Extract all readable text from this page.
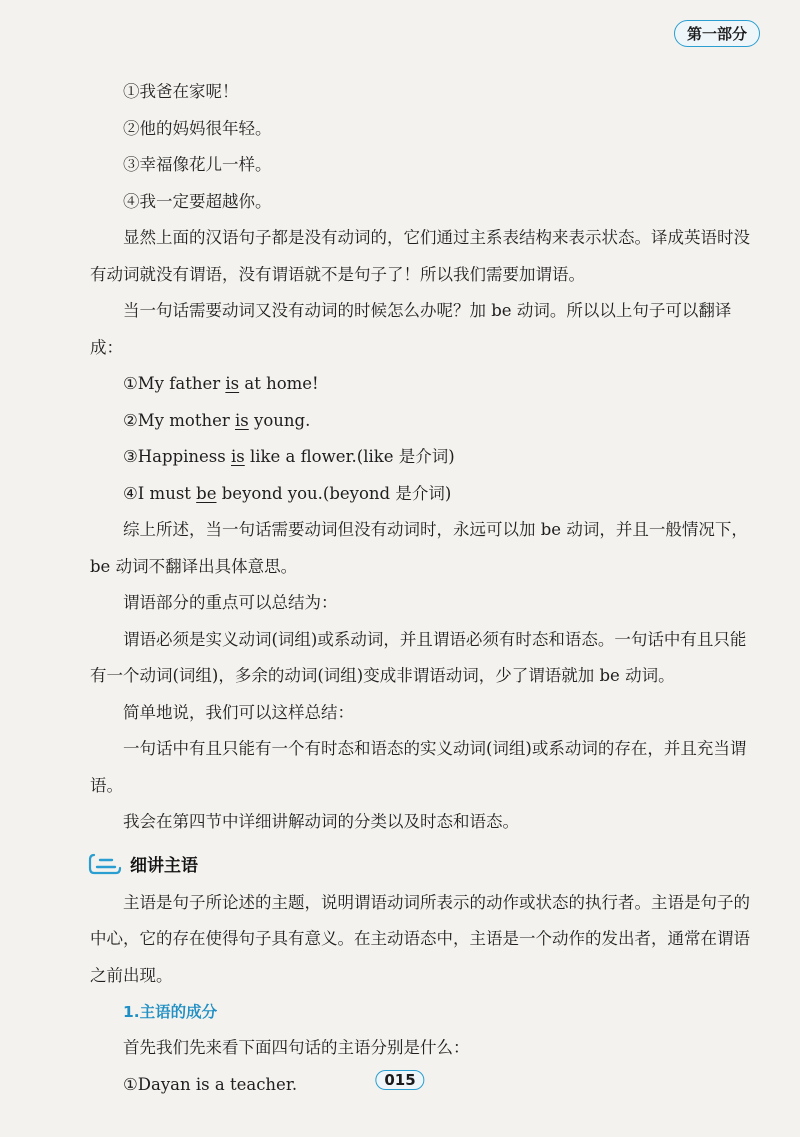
第一部分

①我爸在家呢！

②他的妈妈很年轻。

③幸福像花儿一样。

④我一定要超越你。

显然上面的汉语句子都是没有动词的，它们通过主系表结构来表示状态。译成英语时没有动词就没有谓语，没有谓语就不是句子了！所以我们需要加谓语。

当一句话需要动词又没有动词的时候怎么办呢？加 be 动词。所以以上句子可以翻译成：

①My father is at home!

②My mother is young.

③Happiness is like a flower.(like 是介词)

④I must be beyond you.(beyond 是介词)

综上所述，当一句话需要动词但没有动词时，永远可以加 be 动词，并且一般情况下，be 动词不翻译出具体意思。

谓语部分的重点可以总结为：

谓语必须是实义动词(词组)或系动词，并且谓语必须有时态和语态。一句话中有且只能有一个动词(词组)，多余的动词(词组)变成非谓语动词，少了谓语就加 be 动词。

简单地说，我们可以这样总结：

一句话中有且只能有一个有时态和语态的实义动词(词组)或系动词的存在，并且充当谓语。

我会在第四节中详细讲解动词的分类以及时态和语态。

细讲主语

主语是句子所论述的主题，说明谓语动词所表示的动作或状态的执行者。主语是句子的中心，它的存在使得句子具有意义。在主动语态中，主语是一个动作的发出者，通常在谓语之前出现。

1.主语的成分

首先我们先来看下面四句话的主语分别是什么：

①Dayan is a teacher.	015
